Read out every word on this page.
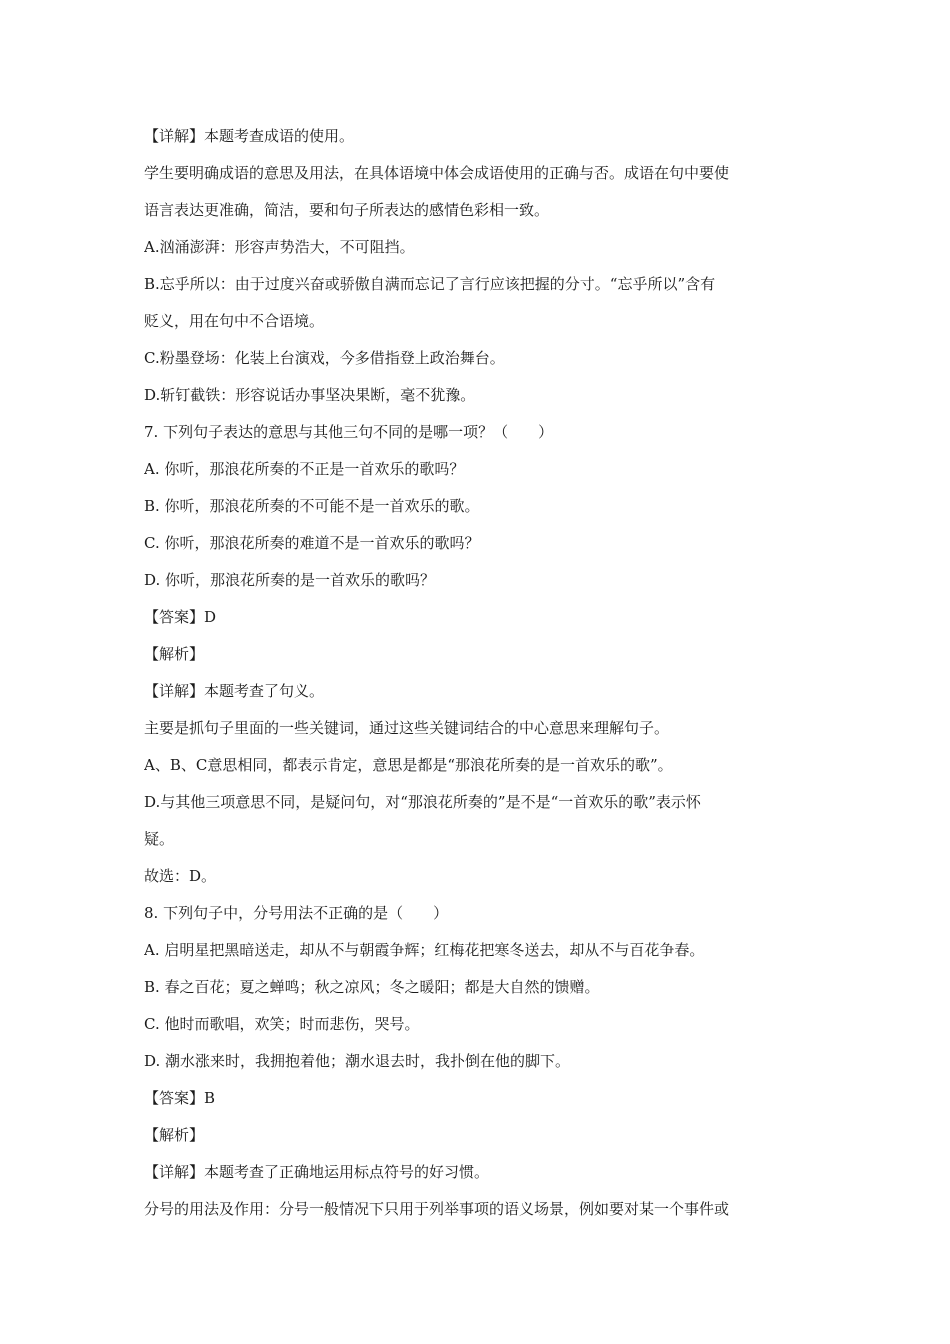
【详解】本题考查成语的使用。
学生要明确成语的意思及用法，在具体语境中体会成语使用的正确与否。成语在句中要使
语言表达更准确，简洁，要和句子所表达的感情色彩相一致。
A.汹涌澎湃：形容声势浩大，不可阻挡。
B.忘乎所以：由于过度兴奋或骄傲自满而忘记了言行应该把握的分寸。“忘乎所以”含有
贬义，用在句中不合语境。
C.粉墨登场：化装上台演戏，今多借指登上政治舞台。
D.斩钉截铁：形容说话办事坚决果断，毫不犹豫。
7. 下列句子表达的意思与其他三句不同的是哪一项？（　　）
A. 你听，那浪花所奏的不正是一首欢乐的歌吗？
B. 你听，那浪花所奏的不可能不是一首欢乐的歌。
C. 你听，那浪花所奏的难道不是一首欢乐的歌吗？
D. 你听，那浪花所奏的是一首欢乐的歌吗？
【答案】D
【解析】
【详解】本题考查了句义。
主要是抓句子里面的一些关键词，通过这些关键词结合的中心意思来理解句子。
A、B、C意思相同，都表示肯定，意思是都是“那浪花所奏的是一首欢乐的歌”。
D.与其他三项意思不同，是疑问句，对“那浪花所奏的”是不是“一首欢乐的歌”表示怀
疑。
故选：D。
8. 下列句子中，分号用法不正确的是（　　）
A. 启明星把黑暗送走，却从不与朝霞争辉；红梅花把寒冬送去，却从不与百花争春。
B. 春之百花；夏之蝉鸣；秋之凉风；冬之暖阳；都是大自然的馈赠。
C. 他时而歌唱，欢笑；时而悲伤，哭号。
D. 潮水涨来时，我拥抱着他；潮水退去时，我扑倒在他的脚下。
【答案】B
【解析】
【详解】本题考查了正确地运用标点符号的好习惯。
分号的用法及作用：分号一般情况下只用于列举事项的语义场景，例如要对某一个事件或
